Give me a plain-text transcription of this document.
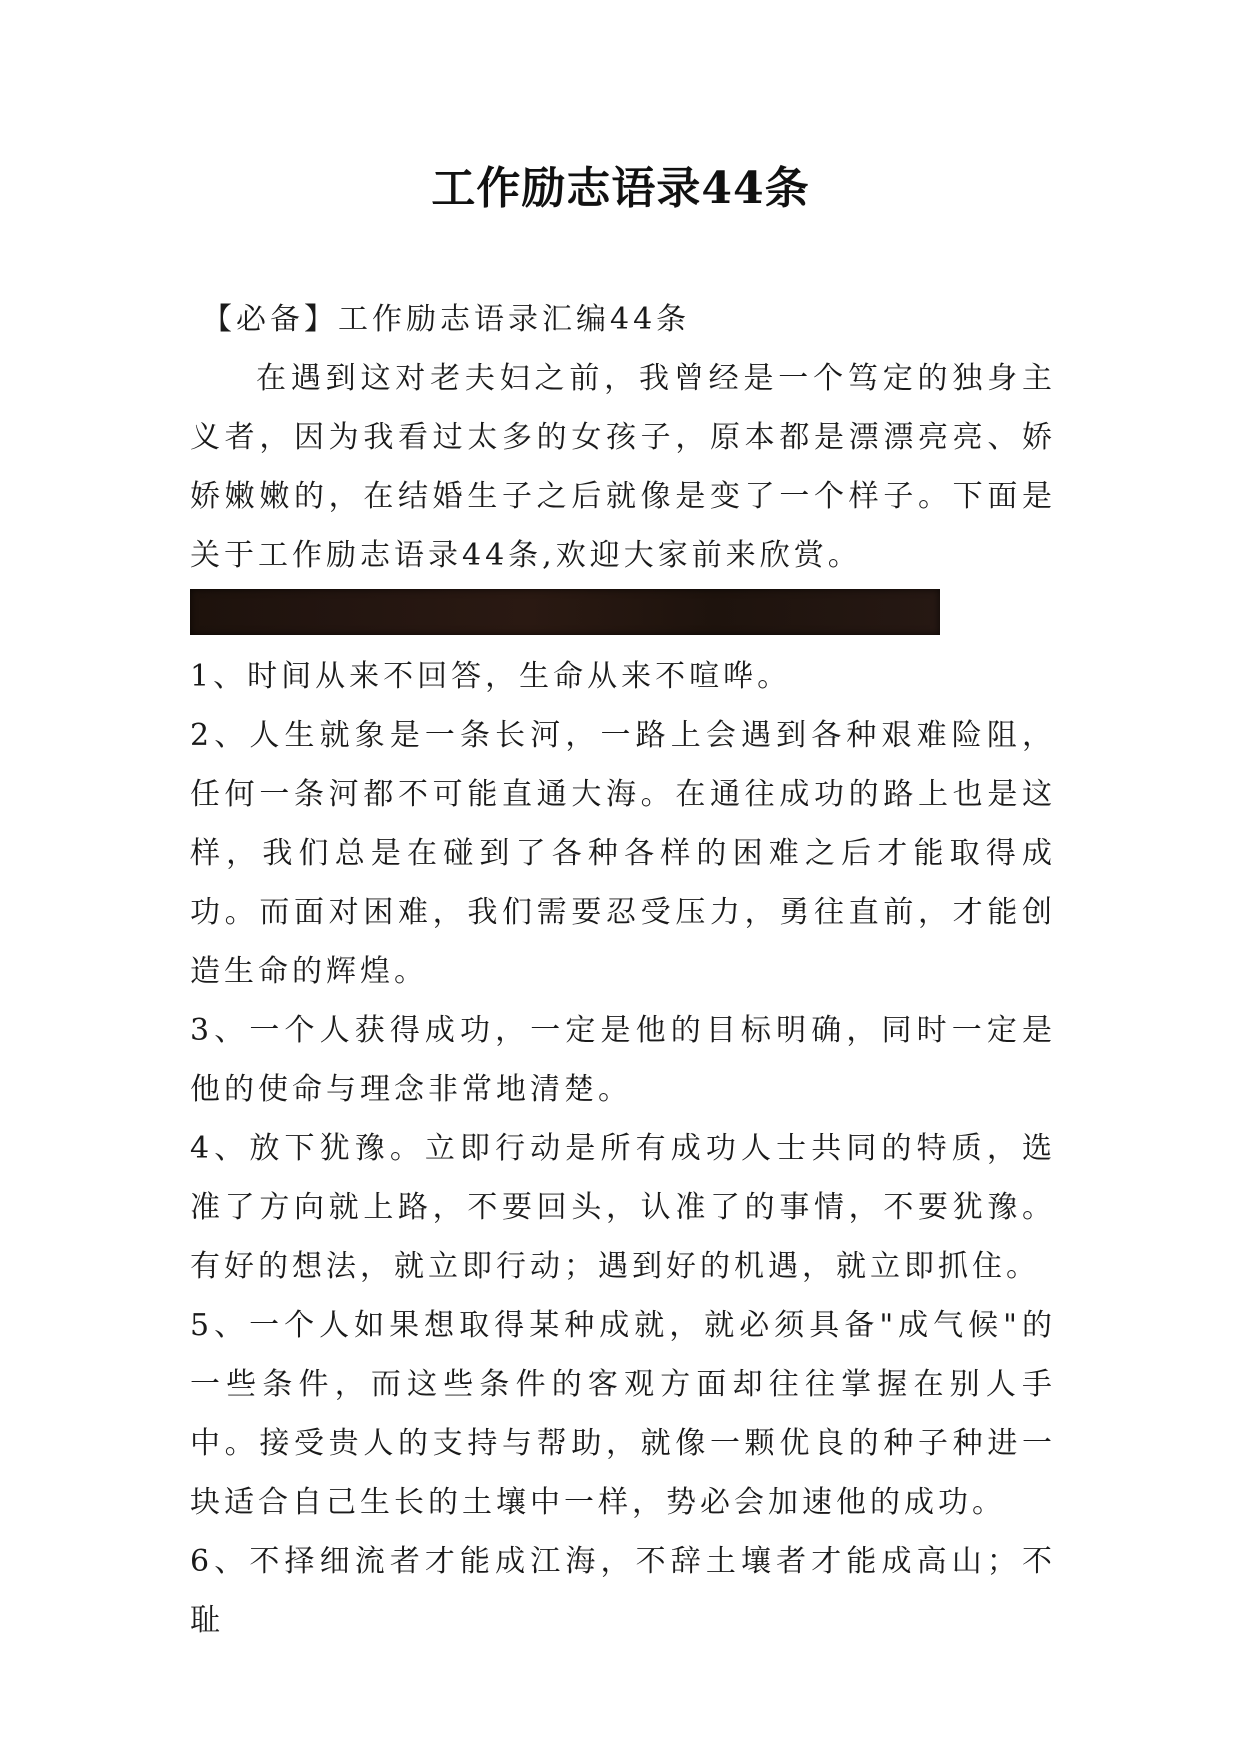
工作励志语录44条

【必备】工作励志语录汇编44条

在遇到这对老夫妇之前，我曾经是一个笃定的独身主义者，因为我看过太多的女孩子，原本都是漂漂亮亮、娇娇嫩嫩的，在结婚生子之后就像是变了一个样子。下面是关于工作励志语录44条,欢迎大家前来欣赏。

1、时间从来不回答，生命从来不喧哗。

2、人生就象是一条长河，一路上会遇到各种艰难险阻，任何一条河都不可能直通大海。在通往成功的路上也是这样，我们总是在碰到了各种各样的困难之后才能取得成功。而面对困难，我们需要忍受压力，勇往直前，才能创造生命的辉煌。

3、一个人获得成功，一定是他的目标明确，同时一定是他的使命与理念非常地清楚。

4、放下犹豫。立即行动是所有成功人士共同的特质，选准了方向就上路，不要回头，认准了的事情，不要犹豫。有好的想法，就立即行动；遇到好的机遇，就立即抓住。

5、一个人如果想取得某种成就，就必须具备"成气候"的一些条件，而这些条件的客观方面却往往掌握在别人手中。接受贵人的支持与帮助，就像一颗优良的种子种进一块适合自己生长的土壤中一样，势必会加速他的成功。

6、不择细流者才能成江海，不辞土壤者才能成高山；不耻
